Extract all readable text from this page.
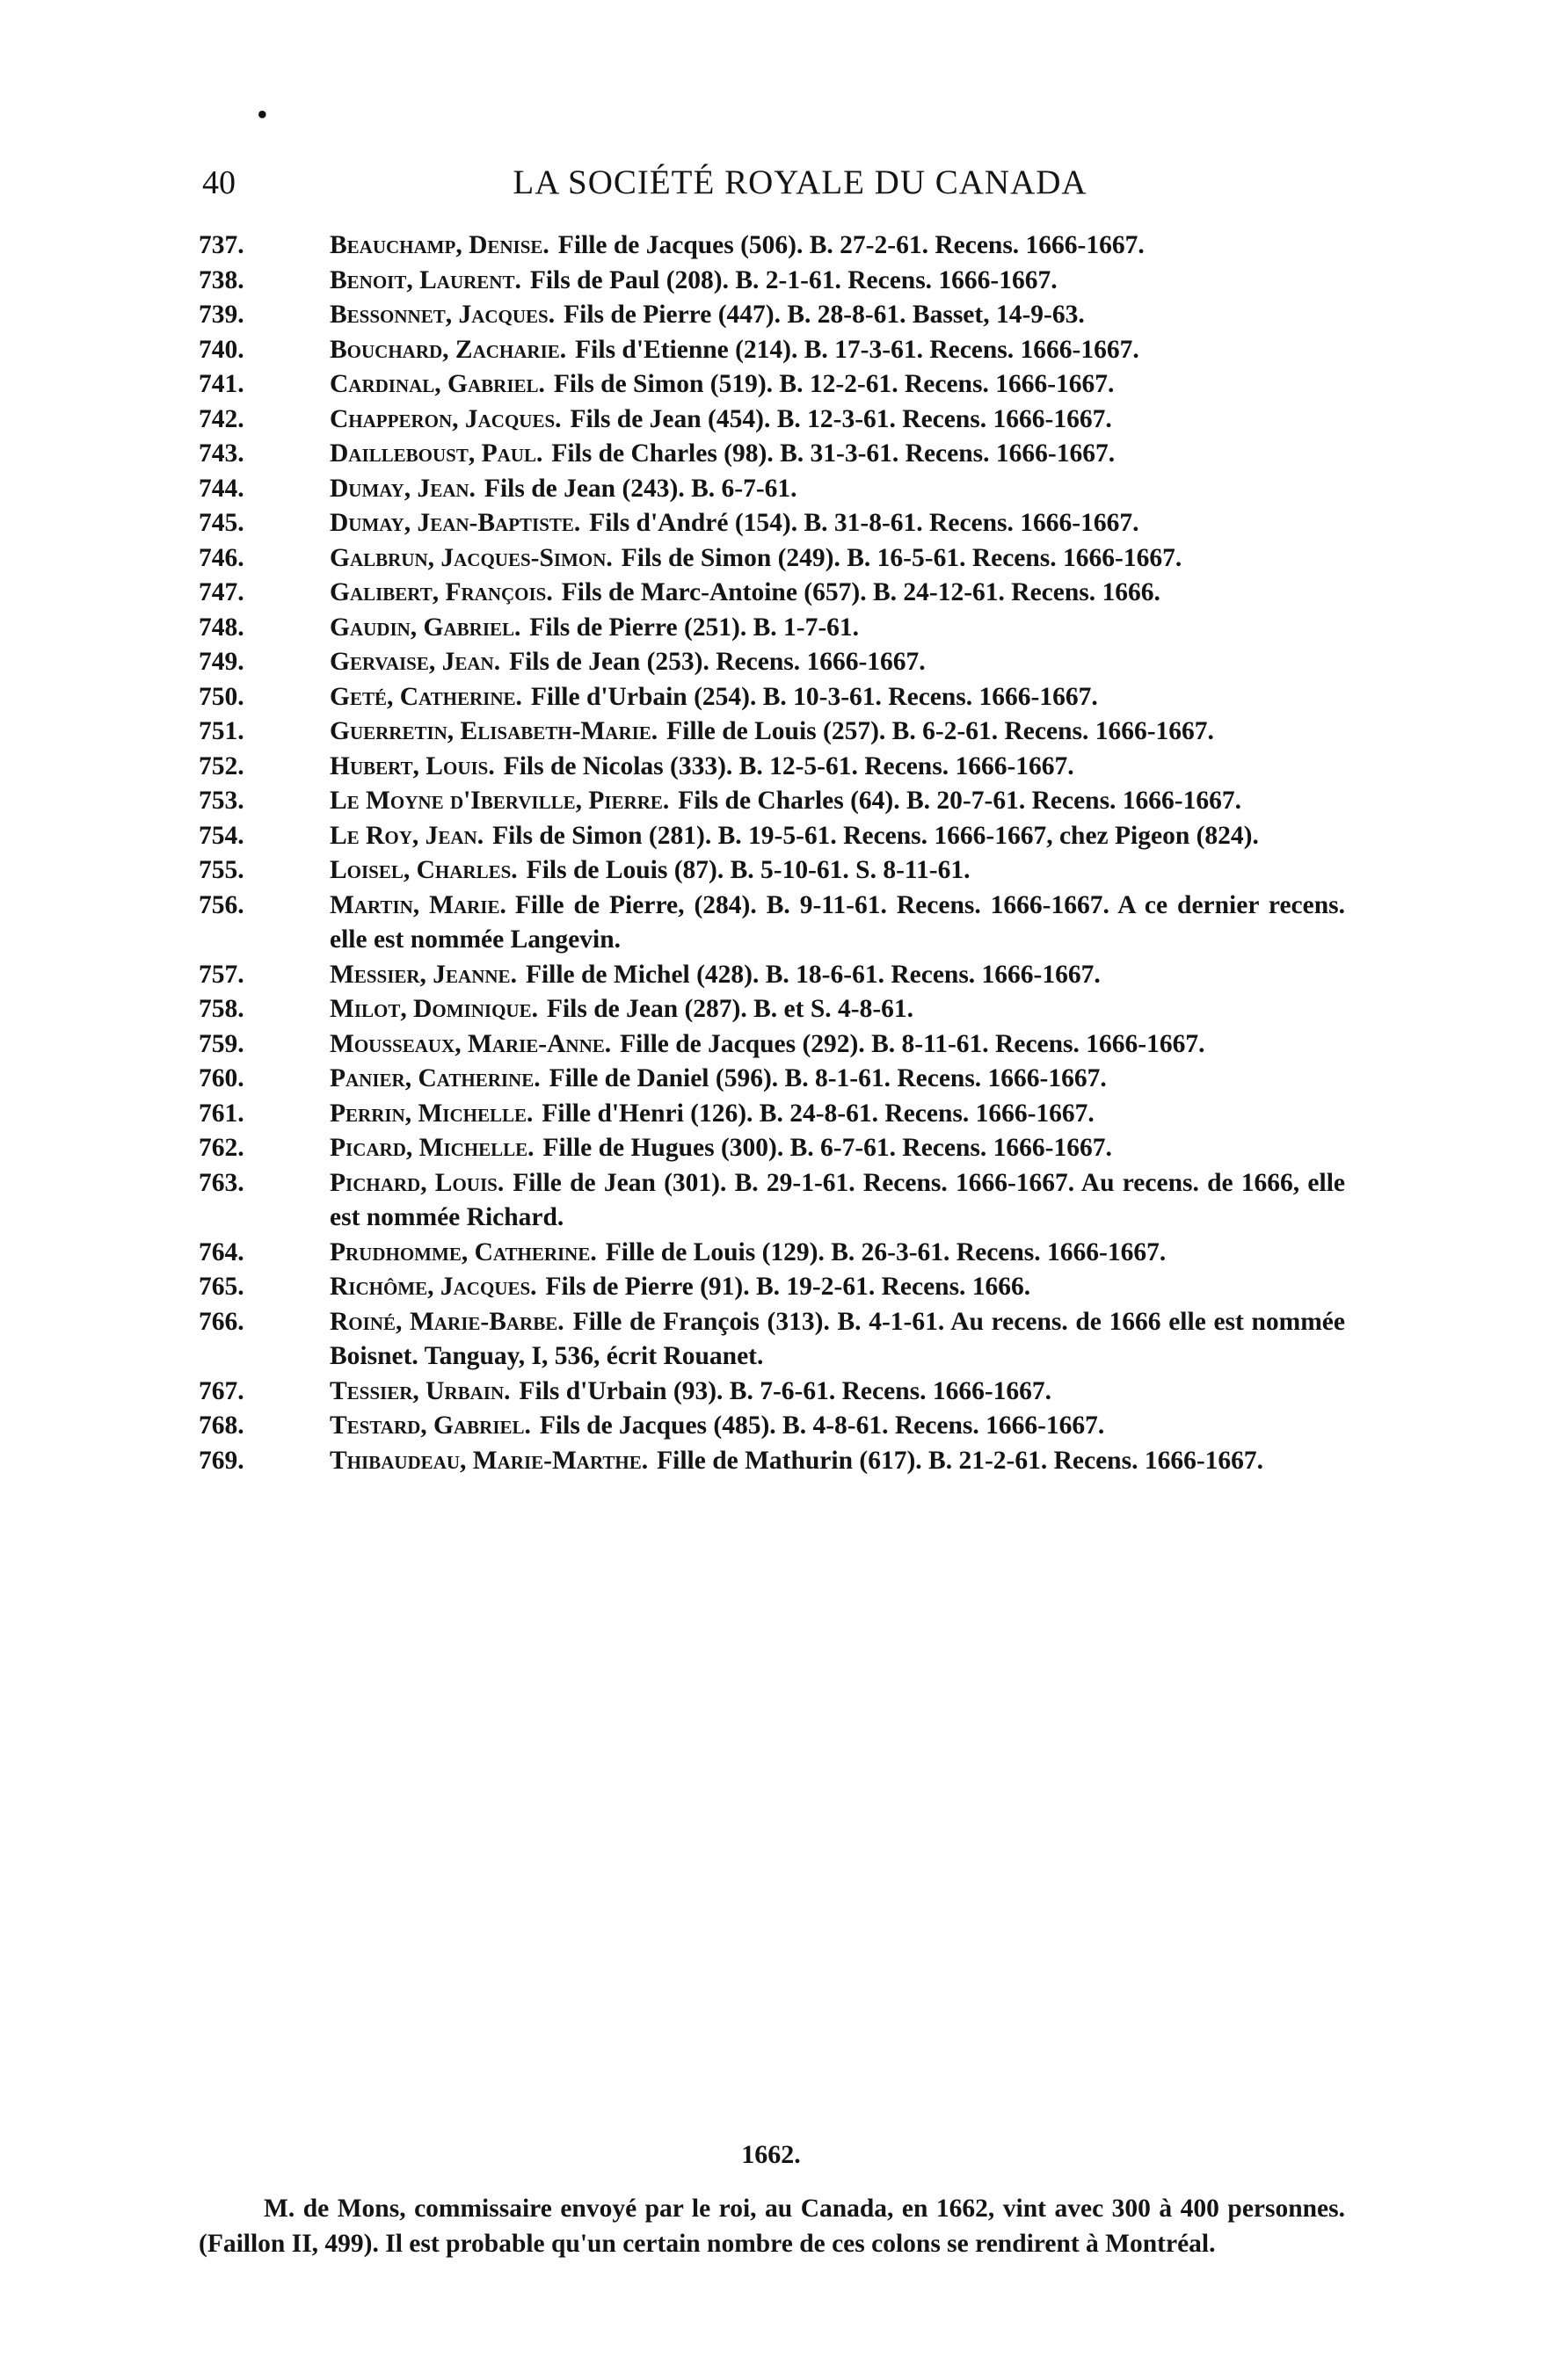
•
40	LA SOCIÉTÉ ROYALE DU CANADA
737.	Beauchamp, Denise. Fille de Jacques (506). B. 27-2-61. Recens. 1666-1667.
738.	Benoit, Laurent. Fils de Paul (208). B. 2-1-61. Recens. 1666-1667.
739.	Bessonnet, Jacques. Fils de Pierre (447). B. 28-8-61. Basset, 14-9-63.
740.	Bouchard, Zacharie. Fils d'Etienne (214). B. 17-3-61. Recens. 1666-1667.
741.	Cardinal, Gabriel. Fils de Simon (519). B. 12-2-61. Recens. 1666-1667.
742.	Chapperon, Jacques. Fils de Jean (454). B. 12-3-61. Recens. 1666-1667.
743.	Dailleboust, Paul. Fils de Charles (98). B. 31-3-61. Recens. 1666-1667.
744.	Dumay, Jean. Fils de Jean (243). B. 6-7-61.
745.	Dumay, Jean-Baptiste. Fils d'André (154). B. 31-8-61. Recens. 1666-1667.
746.	Galbrun, Jacques-Simon. Fils de Simon (249). B. 16-5-61. Recens. 1666-1667.
747.	Galibert, François. Fils de Marc-Antoine (657). B. 24-12-61. Recens. 1666.
748.	Gaudin, Gabriel. Fils de Pierre (251). B. 1-7-61.
749.	Gervaise, Jean. Fils de Jean (253). Recens. 1666-1667.
750.	Geté, Catherine. Fille d'Urbain (254). B. 10-3-61. Recens. 1666-1667.
751.	Guerretin, Elisabeth-Marie. Fille de Louis (257). B. 6-2-61. Recens. 1666-1667.
752.	Hubert, Louis. Fils de Nicolas (333). B. 12-5-61. Recens. 1666-1667.
753.	Le Moyne d'Iberville, Pierre. Fils de Charles (64). B. 20-7-61. Recens. 1666-1667.
754.	Le Roy, Jean. Fils de Simon (281). B. 19-5-61. Recens. 1666-1667, chez Pigeon (824).
755.	Loisel, Charles. Fils de Louis (87). B. 5-10-61. S. 8-11-61.
756.	Martin, Marie. Fille de Pierre, (284). B. 9-11-61. Recens. 1666-1667. A ce dernier recens. elle est nommée Langevin.
757.	Messier, Jeanne. Fille de Michel (428). B. 18-6-61. Recens. 1666-1667.
758.	Milot, Dominique. Fils de Jean (287). B. et S. 4-8-61.
759.	Mousseaux, Marie-Anne. Fille de Jacques (292). B. 8-11-61. Recens. 1666-1667.
760.	Panier, Catherine. Fille de Daniel (596). B. 8-1-61. Recens. 1666-1667.
761.	Perrin, Michelle. Fille d'Henri (126). B. 24-8-61. Recens. 1666-1667.
762.	Picard, Michelle. Fille de Hugues (300). B. 6-7-61. Recens. 1666-1667.
763.	Pichard, Louis. Fille de Jean (301). B. 29-1-61. Recens. 1666-1667. Au recens. de 1666, elle est nommée Richard.
764.	Prudhomme, Catherine. Fille de Louis (129). B. 26-3-61. Recens. 1666-1667.
765.	Richôme, Jacques. Fils de Pierre (91). B. 19-2-61. Recens. 1666.
766.	Roiné, Marie-Barbe. Fille de François (313). B. 4-1-61. Au recens. de 1666 elle est nommée Boisnet. Tanguay, I, 536, écrit Rouanet.
767.	Tessier, Urbain. Fils d'Urbain (93). B. 7-6-61. Recens. 1666-1667.
768.	Testard, Gabriel. Fils de Jacques (485). B. 4-8-61. Recens. 1666-1667.
769.	Thibaudeau, Marie-Marthe. Fille de Mathurin (617). B. 21-2-61. Recens. 1666-1667.
1662.
M. de Mons, commissaire envoyé par le roi, au Canada, en 1662, vint avec 300 à 400 personnes. (Faillon II, 499). Il est probable qu'un certain nombre de ces colons se rendirent à Montréal.
